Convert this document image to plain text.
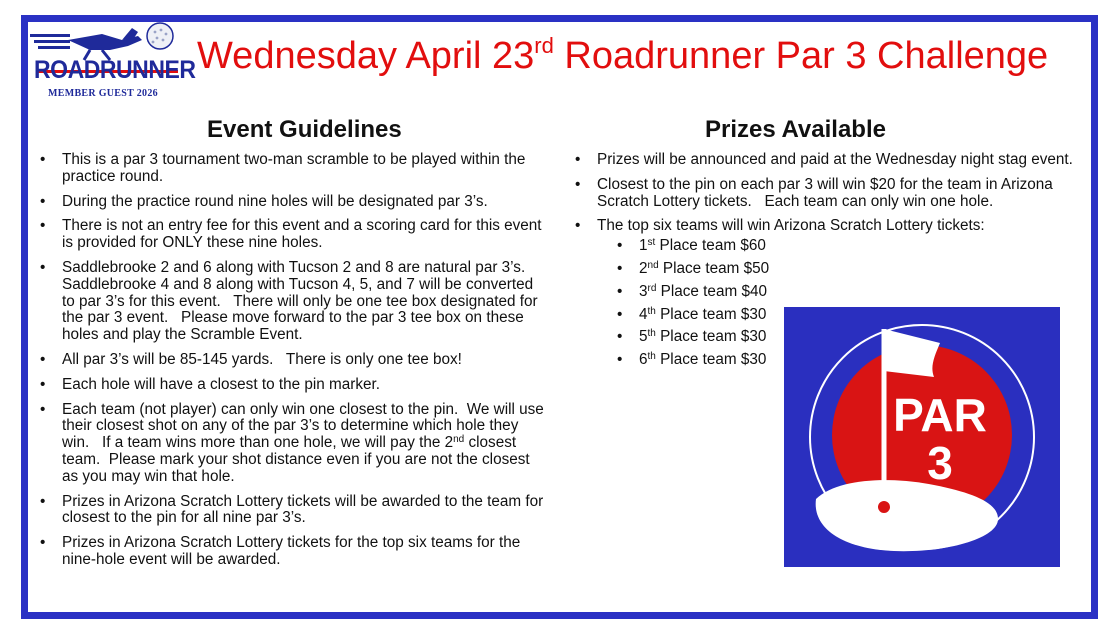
ROADRUNNER
MEMBER GUEST 2026
Wednesday April 23rd Roadrunner Par 3 Challenge
Event Guidelines
• This is a par 3 tournament two-man scramble to be played within the practice round.
• During the practice round nine holes will be designated par 3’s.
• There is not an entry fee for this event and a scoring card for this event is provided for ONLY these nine holes.
• Saddlebrooke 2 and 6 along with Tucson 2 and 8 are natural par 3’s.   Saddlebrooke 4 and 8 along with Tucson 4, 5, and 7 will be converted to par 3’s for this event.   There will only be one tee box designated for the par 3 event.   Please move forward to the par 3 tee box on these holes and play the Scramble Event.
• All par 3’s will be 85-145 yards.   There is only one tee box!
• Each hole will have a closest to the pin marker.
• Each team (not player) can only win one closest to the pin.  We will use their closest shot on any of the par 3’s to determine which hole they win.   If a team wins more than one hole, we will pay the 2nd closest team.  Please mark your shot distance even if you are not the closest as you may win that hole.
• Prizes in Arizona Scratch Lottery tickets will be awarded to the team for closest to the pin for all nine par 3’s.
• Prizes in Arizona Scratch Lottery tickets for the top six teams for the nine-hole event will be awarded.
Prizes Available
• Prizes will be announced and paid at the Wednesday night stag event.
• Closest to the pin on each par 3 will win $20 for the team in Arizona Scratch Lottery tickets.   Each team can only win one hole.
• The top six teams will win Arizona Scratch Lottery tickets:
• 1st Place team $60
• 2nd Place team $50
• 3rd Place team $40
• 4th Place team $30
• 5th Place team $30
• 6th Place team $30
PAR
3
